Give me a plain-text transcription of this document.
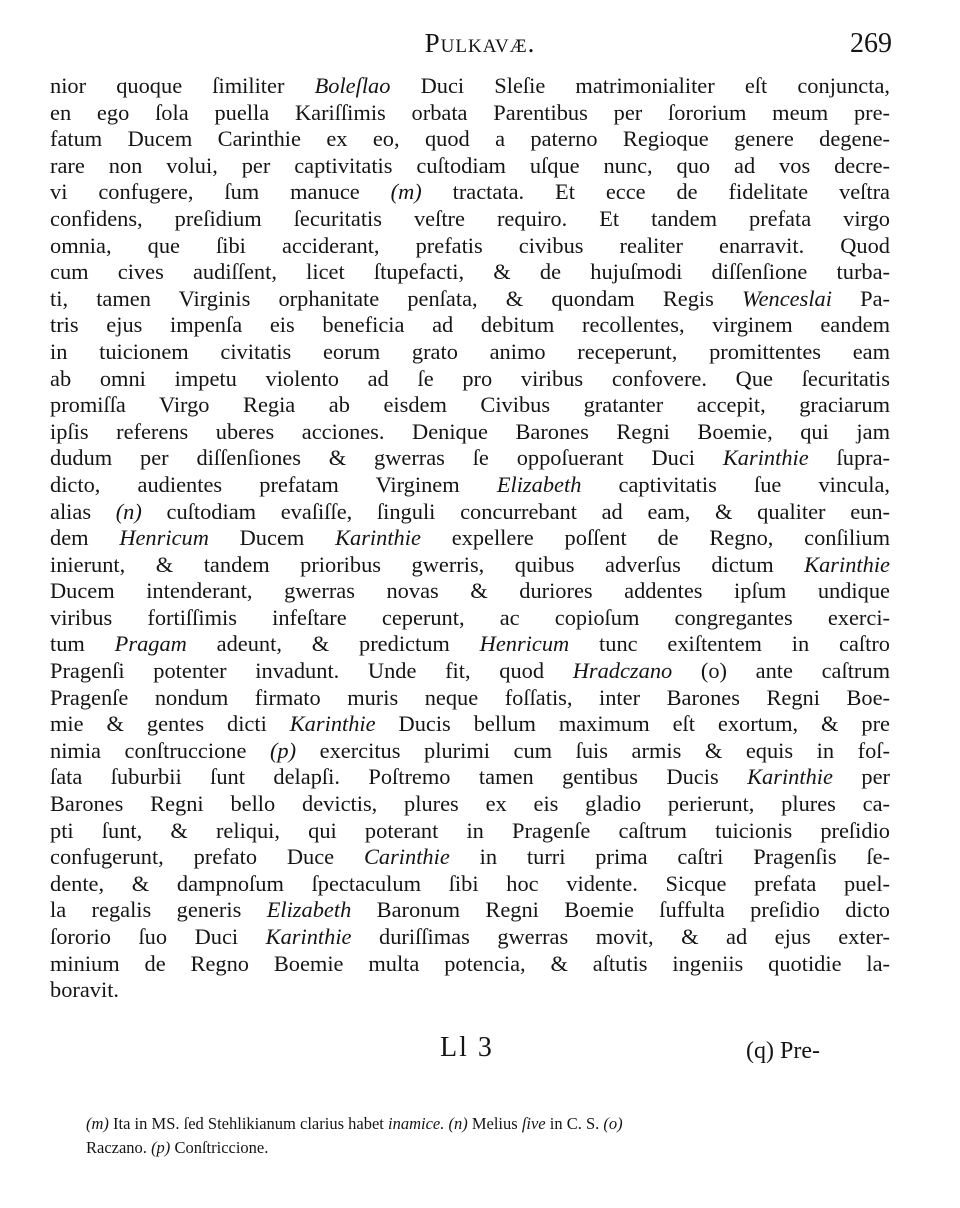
Pulkavæ.	269
nior quoque ſimiliter Boleſlao Duci Sleſie matrimonialiter eſt conjuncta,
en ego ſola puella Kariſſimis orbata Parentibus per ſororium meum pre-
fatum Ducem Carinthie ex eo, quod a paterno Regioque genere degene-
rare non volui, per captivitatis cuſtodiam uſque nunc, quo ad vos decre-
vi confugere, ſum manuce (m) tractata. Et ecce de fidelitate veſtra
confidens, preſidium ſecuritatis veſtre requiro. Et tandem prefata virgo
omnia, que ſibi acciderant, prefatis civibus realiter enarravit. Quod
cum cives audiſſent, licet ſtupefacti, & de hujuſmodi diſſenſione turba-
ti, tamen Virginis orphanitate penſata, & quondam Regis Wenceslai Pa-
tris ejus impenſa eis beneficia ad debitum recollentes, virginem eandem
in tuicionem civitatis eorum grato animo receperunt, promittentes eam
ab omni impetu violento ad ſe pro viribus confovere. Que ſecuritatis
promiſſa Virgo Regia ab eisdem Civibus gratanter accepit, graciarum
ipſis referens uberes acciones. Denique Barones Regni Boemie, qui jam
dudum per diſſenſiones & gwerras ſe oppoſuerant Duci Karinthie ſupra-
dicto, audientes prefatam Virginem Elizabeth captivitatis ſue vincula,
alias (n) cuſtodiam evaſiſſe, ſinguli concurrebant ad eam, & qualiter eun-
dem Henricum Ducem Karinthie expellere poſſent de Regno, conſilium
inierunt, & tandem prioribus gwerris, quibus adverſus dictum Karinthie
Ducem intenderant, gwerras novas & duriores addentes ipſum undique
viribus fortiſſimis infeſtare ceperunt, ac copioſum congregantes exerci-
tum Pragam adeunt, & predictum Henricum tunc exiſtentem in caſtro
Pragenſi potenter invadunt. Unde fit, quod Hradczano (o) ante caſtrum
Pragenſe nondum firmato muris neque foſſatis, inter Barones Regni Boe-
mie & gentes dicti Karinthie Ducis bellum maximum eſt exortum, & pre
nimia conſtruccione (p) exercitus plurimi cum ſuis armis & equis in foſ-
ſata ſuburbii ſunt delapſi. Poſtremo tamen gentibus Ducis Karinthie per
Barones Regni bello devictis, plures ex eis gladio perierunt, plures ca-
pti ſunt, & reliqui, qui poterant in Pragenſe caſtrum tuicionis preſidio
confugerunt, prefato Duce Carinthie in turri prima caſtri Pragenſis ſe-
dente, & dampnoſum ſpectaculum ſibi hoc vidente. Sicque prefata puel-
la regalis generis Elizabeth Baronum Regni Boemie ſuffulta preſidio dicto
ſororio ſuo Duci Karinthie duriſſimas gwerras movit, & ad ejus exter-
minium de Regno Boemie multa potencia, & aſtutis ingeniis quotidie la-
boravit.
Ll 3	(q) Pre-
(m) Ita in MS. ſed Stehlikianum clarius habet inamice. (n) Melius ſive in C. S. (o)
Raczano. (p) Conſtriccione.
